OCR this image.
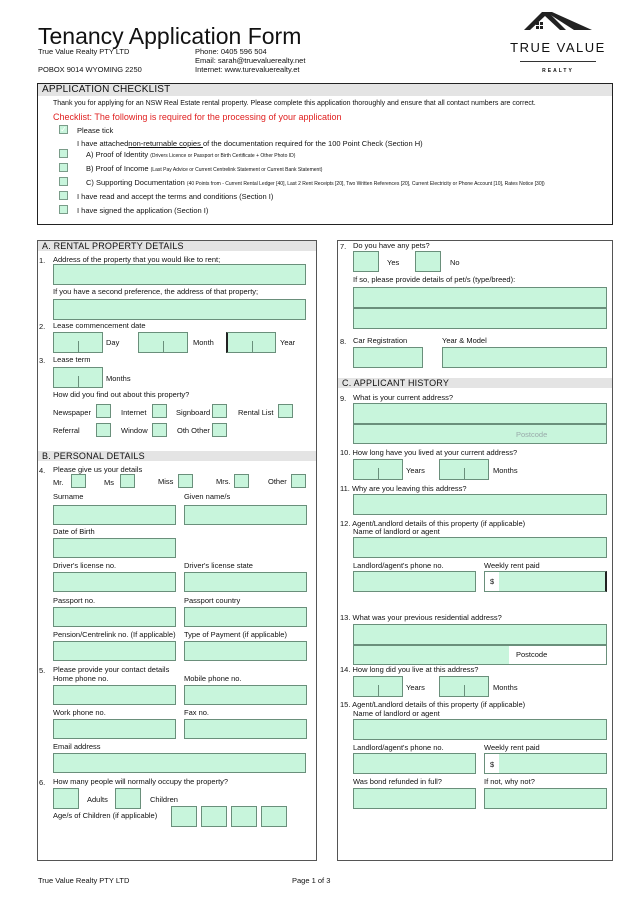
Tenancy Application Form
True Value Realty PTY LTD
POBOX 9014 WYOMING 2250
Phone: 0405 596 504
Email: sarah@truevaluerealty.net
Internet: www.turevaluerealty.et
TRUE VALUE
REALTY
APPLICATION CHECKLIST
Thank you for applying for an NSW Real Estate rental property. Please complete this application thoroughly and ensure that all contact numbers are correct.
Checklist: The following is required for the processing of your application
✓ Please tick
I have attachednon-returnable copies of the documentation required for the 100 Point Check (Section H)
A) Proof of Identity (Drivers Licence or Passport or Birth Certificate + Other Photo ID)
B) Proof of Income (Last Pay Advice or Current Centrelink Statement or Current Bank Statement)
C) Supporting Documentation (40 Points from - Current Rental Ledger [40], Last 2 Rent Receipts [20], Two Written References [20], Current Electricity or Phone Account [10], Rates Notice [30])
I have read and accept the terms and conditions (Section I)
I have signed the application (Section I)
A. RENTAL PROPERTY DETAILS
1. Address of the property that you would like to rent;
If you have a second preference, the address of that property;
2. Lease commencement date
Day	Month	Year
3. Lease term
Months
How did you find out about this property?
Newspaper	Internet	Signboard	Rental List
Referral	Window	Oth Other
B. PERSONAL DETAILS
4. Please give us your details
Mr.	Ms	Miss	Mrs.	Other
Surname	Given name/s
Date of Birth
Driver's license no.	Driver's license state
Passport no.	Passport country
Pension/Centrelink no. (If applicable) Type of Payment (if applicable)
5. Please provide your contact details
Home phone no.	Mobile phone no.
Work phone no.	Fax no.
Email address
6. How many people will normally occupy the property?
Adults	Children
Age/s of Children (if applicable)
7. Do you have any pets?
Yes	No
If so, please provide details of pet/s (type/breed):
8. Car Registration	Year & Model
C. APPLICANT HISTORY
9. What is your current address?
Postcode
10. How long have you lived at your current address?
Years	Months
11. Why are you leaving this address?
12. Agent/Landlord details of this property (if applicable)
Name of landlord or agent
Landlord/agent's phone no.	Weekly rent paid
$
13. What was your previous residential address?
Postcode
14. How long did you live at this address?
Years	Months
15. Agent/Landlord details of this property (if applicable)
Name of landlord or agent
Landlord/agent's phone no.	Weekly rent paid
$
Was bond refunded in full?	If not, why not?
True Value Realty PTY LTD	Page 1 of 3
